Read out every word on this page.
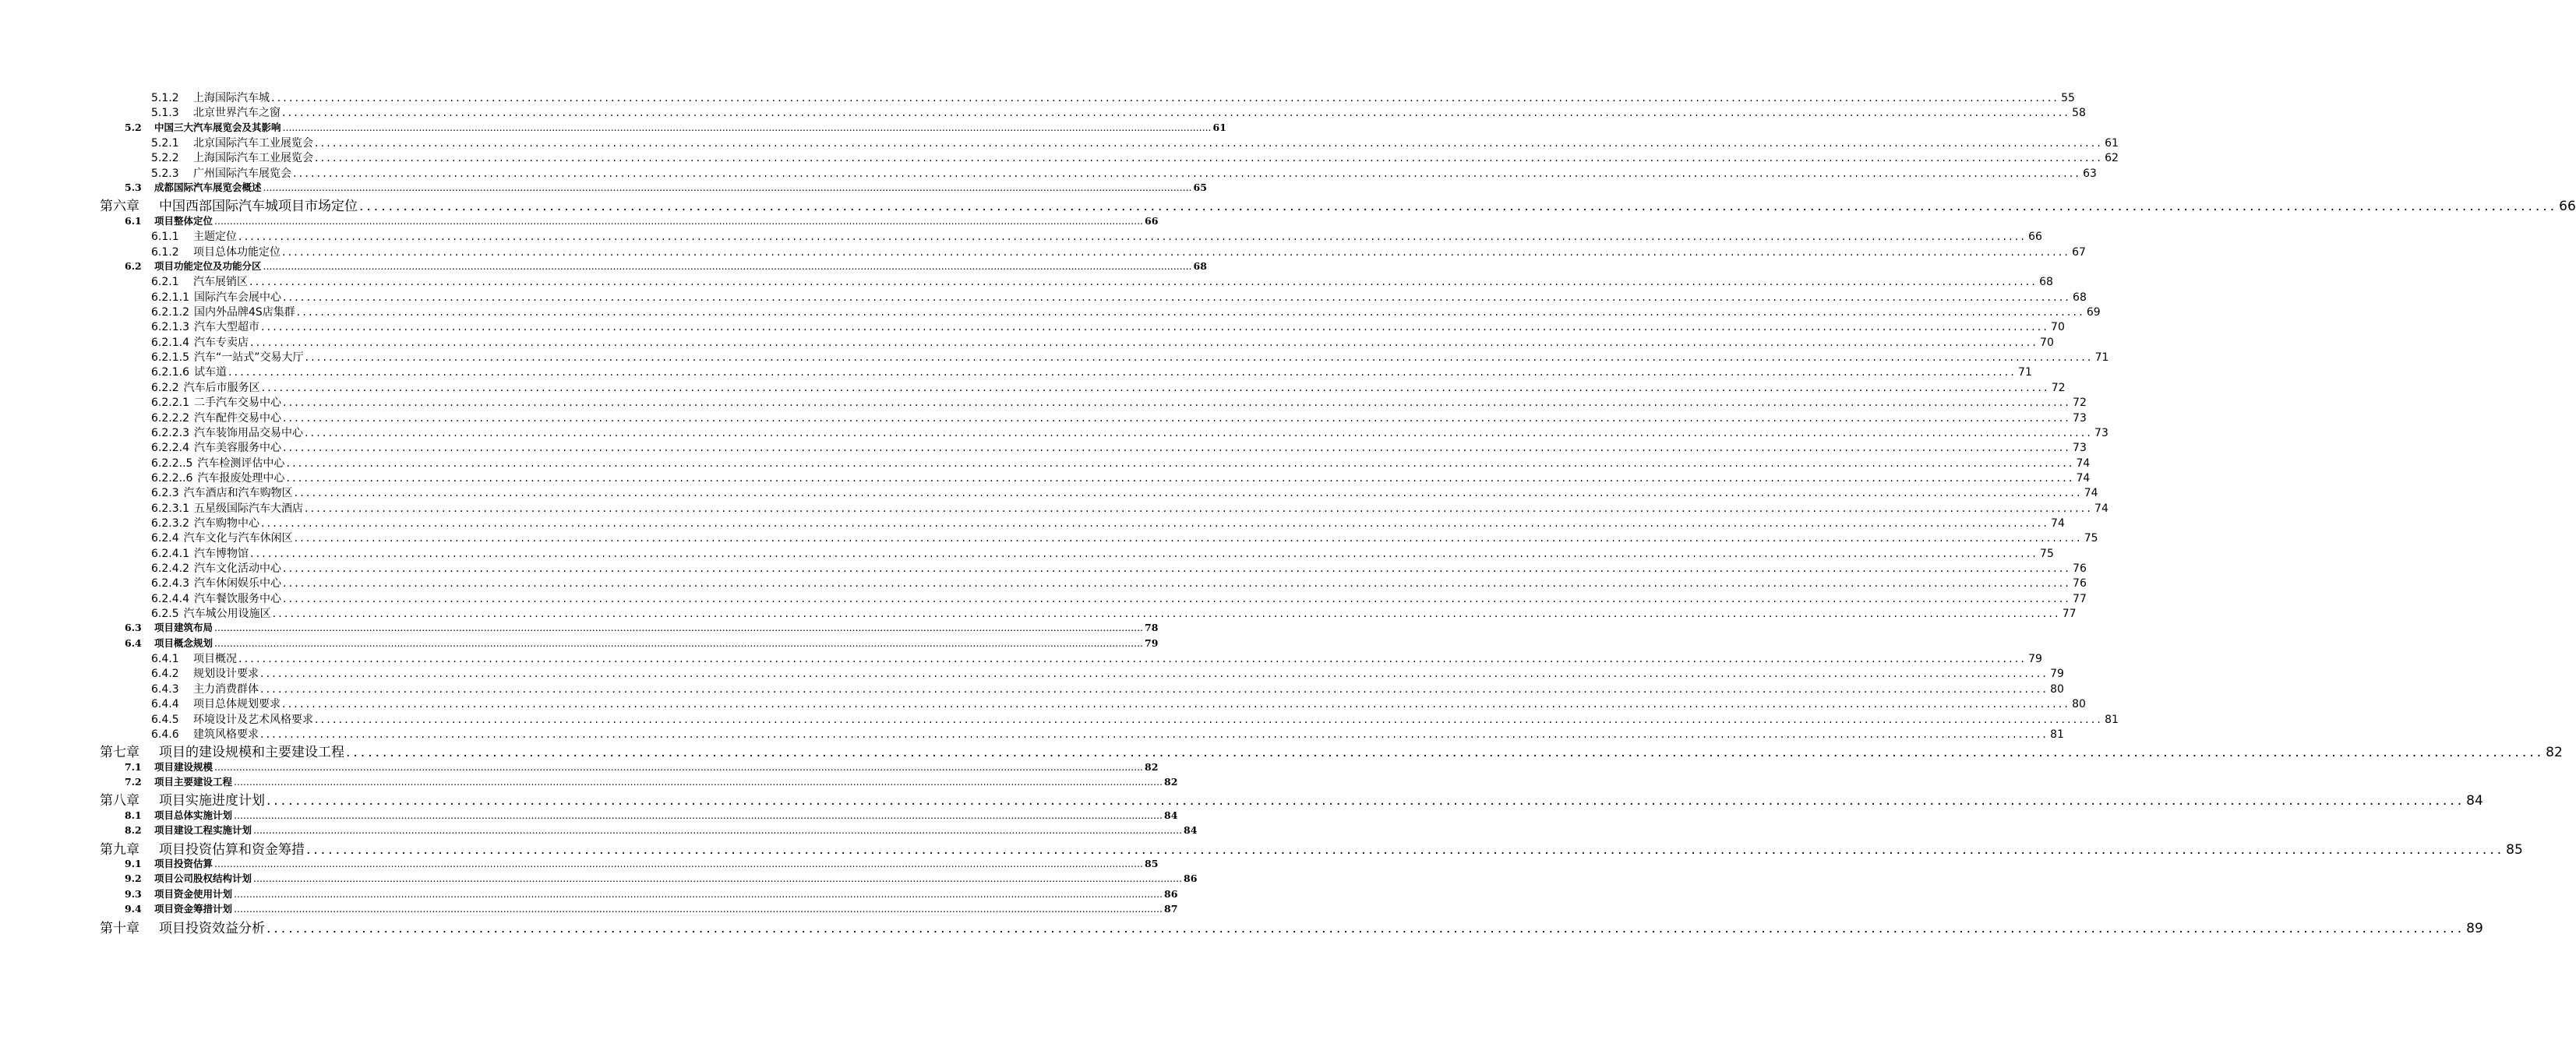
5.1.2	上海国际汽车城 ............................................................................................................................................................................................................................................................................................................ 55
5.1.3	北京世界汽车之窗 ............................................................................................................................................................................................................................................................................................................ 58
5.2	中国三大汽车展览会及其影响 ............................................................................................................................................................................................................................................................................................................ 61
5.2.1	北京国际汽车工业展览会 ............................................................................................................................................................................................................................................................................................................ 61
5.2.2	上海国际汽车工业展览会 ............................................................................................................................................................................................................................................................................................................ 62
5.2.3	广州国际汽车展览会 ............................................................................................................................................................................................................................................................................................................ 63
5.3	成都国际汽车展览会概述 ............................................................................................................................................................................................................................................................................................................ 65
第六章	中国西部国际汽车城项目市场定位 ............................................................................................................................................................................................................................................................................................................ 66
6.1	项目整体定位 ............................................................................................................................................................................................................................................................................................................ 66
6.1.1	主题定位 ............................................................................................................................................................................................................................................................................................................ 66
6.1.2	项目总体功能定位 ............................................................................................................................................................................................................................................................................................................ 67
6.2	项目功能定位及功能分区 ............................................................................................................................................................................................................................................................................................................ 68
6.2.1	汽车展销区 ............................................................................................................................................................................................................................................................................................................ 68
6.2.1.1 国际汽车会展中心 ............................................................................................................................................................................................................................................................................................................ 68
6.2.1.2 国内外品牌4S店集群 ............................................................................................................................................................................................................................................................................................................ 69
6.2.1.3 汽车大型超市 ............................................................................................................................................................................................................................................................................................................ 70
6.2.1.4 汽车专卖店 ............................................................................................................................................................................................................................................................................................................ 70
6.2.1.5 汽车“一站式”交易大厅 ............................................................................................................................................................................................................................................................................................................ 71
6.2.1.6 试车道 ............................................................................................................................................................................................................................................................................................................ 71
6.2.2 汽车后市服务区 ............................................................................................................................................................................................................................................................................................................ 72
6.2.2.1 二手汽车交易中心 ............................................................................................................................................................................................................................................................................................................ 72
6.2.2.2 汽车配件交易中心 ............................................................................................................................................................................................................................................................................................................ 73
6.2.2.3 汽车装饰用品交易中心 ............................................................................................................................................................................................................................................................................................................ 73
6.2.2.4 汽车美容服务中心 ............................................................................................................................................................................................................................................................................................................ 73
6.2.2..5 汽车检测评估中心 ............................................................................................................................................................................................................................................................................................................ 74
6.2.2..6 汽车报废处理中心 ............................................................................................................................................................................................................................................................................................................ 74
6.2.3 汽车酒店和汽车购物区 ............................................................................................................................................................................................................................................................................................................ 74
6.2.3.1 五星级国际汽车大酒店 ............................................................................................................................................................................................................................................................................................................ 74
6.2.3.2 汽车购物中心 ............................................................................................................................................................................................................................................................................................................ 74
6.2.4 汽车文化与汽车休闲区 ............................................................................................................................................................................................................................................................................................................ 75
6.2.4.1 汽车博物馆 ............................................................................................................................................................................................................................................................................................................ 75
6.2.4.2 汽车文化活动中心 ............................................................................................................................................................................................................................................................................................................ 76
6.2.4.3 汽车休闲娱乐中心 ............................................................................................................................................................................................................................................................................................................ 76
6.2.4.4 汽车餐饮服务中心 ............................................................................................................................................................................................................................................................................................................ 77
6.2.5 汽车城公用设施区 ............................................................................................................................................................................................................................................................................................................ 77
6.3	项目建筑布局 ............................................................................................................................................................................................................................................................................................................ 78
6.4	项目概念规划 ............................................................................................................................................................................................................................................................................................................ 79
6.4.1	项目概况 ............................................................................................................................................................................................................................................................................................................ 79
6.4.2	规划设计要求 ............................................................................................................................................................................................................................................................................................................ 79
6.4.3	主力消费群体 ............................................................................................................................................................................................................................................................................................................ 80
6.4.4	项目总体规划要求 ............................................................................................................................................................................................................................................................................................................ 80
6.4.5	环境设计及艺术风格要求 ............................................................................................................................................................................................................................................................................................................ 81
6.4.6	建筑风格要求 ............................................................................................................................................................................................................................................................................................................ 81
第七章	项目的建设规模和主要建设工程 ............................................................................................................................................................................................................................................................................................................ 82
7.1	项目建设规模 ............................................................................................................................................................................................................................................................................................................ 82
7.2	项目主要建设工程 ............................................................................................................................................................................................................................................................................................................ 82
第八章	项目实施进度计划 ............................................................................................................................................................................................................................................................................................................ 84
8.1	项目总体实施计划 ............................................................................................................................................................................................................................................................................................................ 84
8.2	项目建设工程实施计划 ............................................................................................................................................................................................................................................................................................................ 84
第九章	项目投资估算和资金筹措 ............................................................................................................................................................................................................................................................................................................ 85
9.1	项目投资估算 ............................................................................................................................................................................................................................................................................................................ 85
9.2	项目公司股权结构计划 ............................................................................................................................................................................................................................................................................................................ 86
9.3	项目资金使用计划 ............................................................................................................................................................................................................................................................................................................ 86
9.4	项目资金筹措计划 ............................................................................................................................................................................................................................................................................................................ 87
第十章	项目投资效益分析 ............................................................................................................................................................................................................................................................................................................ 89
